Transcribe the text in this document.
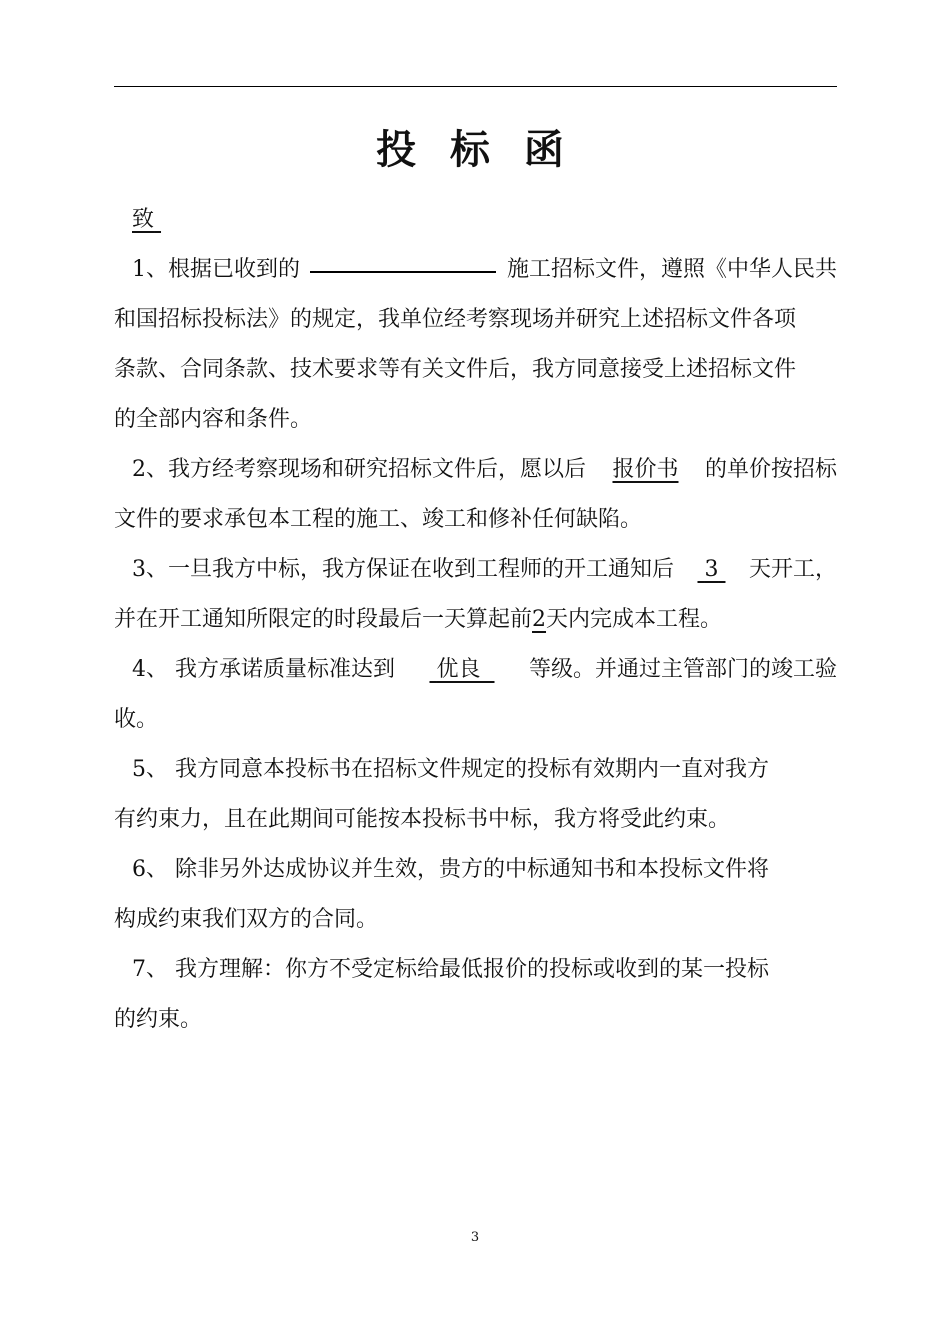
投 标 函
致
1、根据已收到的	施工招标文件，遵照《中华人民共
和国招标投标法》的规定，我单位经考察现场并研究上述招标文件各项
条款、合同条款、技术要求等有关文件后，我方同意接受上述招标文件
的全部内容和条件。
2、我方经考察现场和研究招标文件后，愿以后 报价书 的单价按招标
文件的要求承包本工程的施工、竣工和修补任何缺陷。
3、一旦我方中标，我方保证在收到工程师的开工通知后	3	天开工，
并在开工通知所限定的时段最后一天算起前2天内完成本工程。
4、 我方承诺质量标准达到	优良	等级。并通过主管部门的竣工验
收。
5、 我方同意本投标书在招标文件规定的投标有效期内一直对我方
有约束力，且在此期间可能按本投标书中标，我方将受此约束。
6、 除非另外达成协议并生效，贵方的中标通知书和本投标文件将
构成约束我们双方的合同。
7、 我方理解：你方不受定标给最低报价的投标或收到的某一投标
的约束。
3
